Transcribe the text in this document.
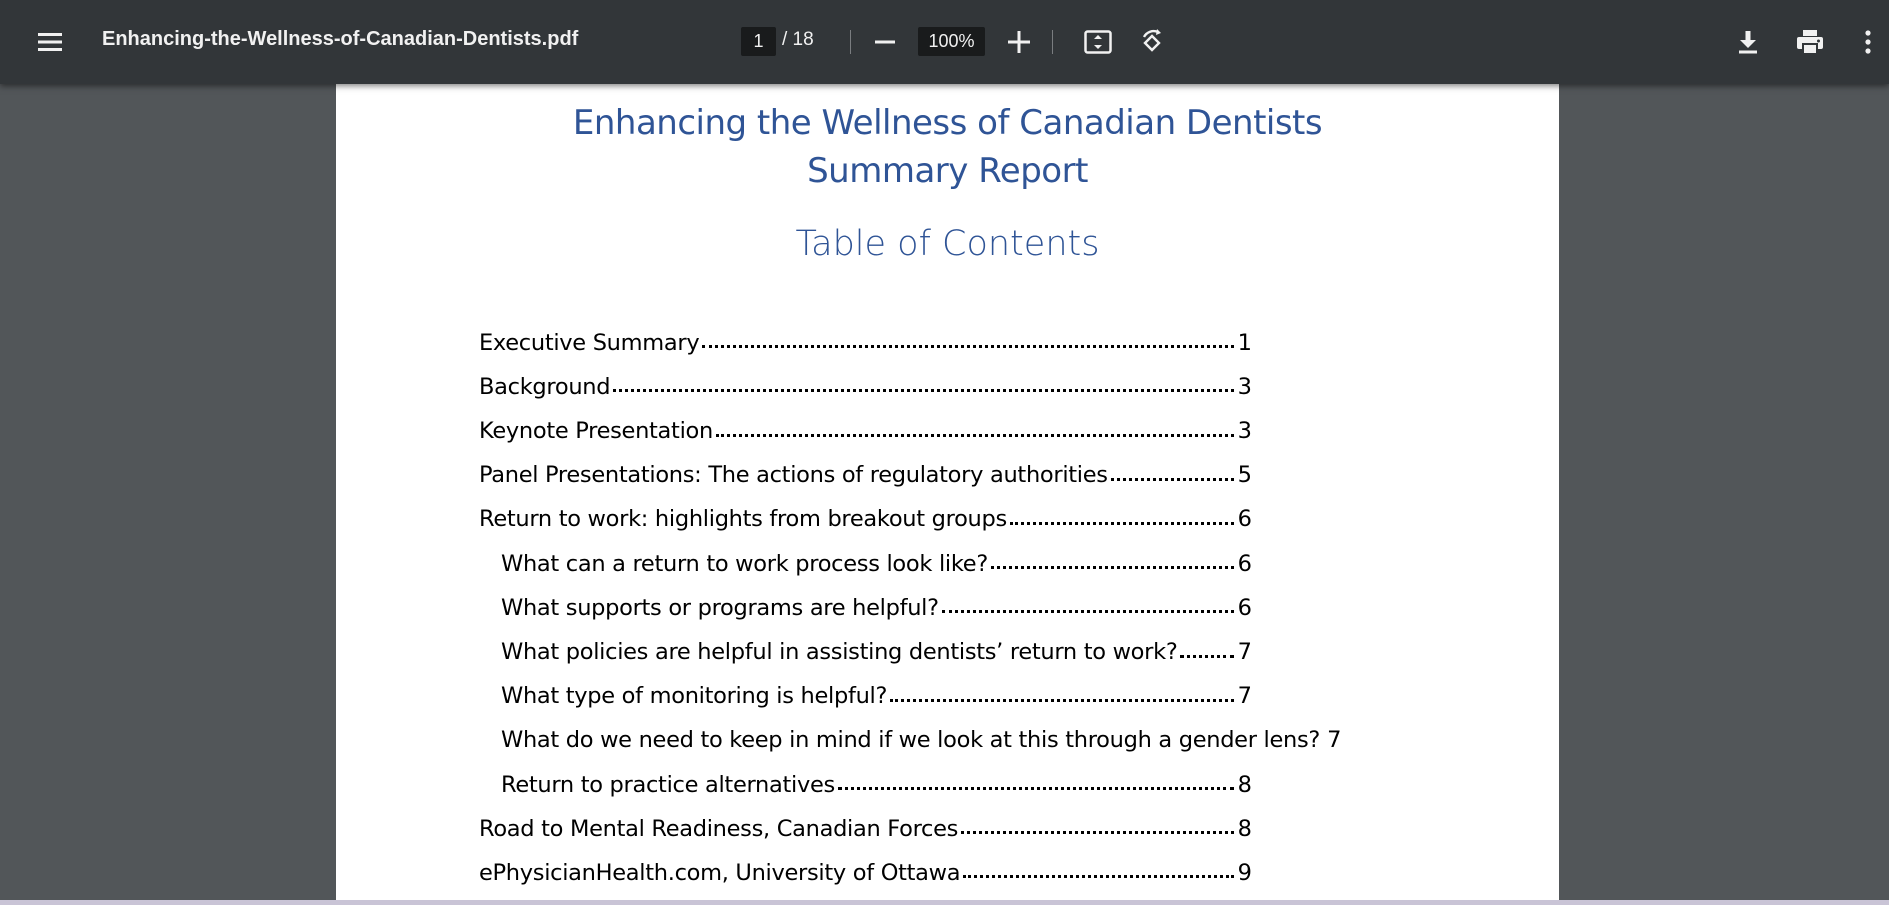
Enhancing-the-Wellness-of-Canadian-Dentists.pdf
1	/ 18	100%
Enhancing the Wellness of Canadian Dentists
Summary Report
Table of Contents
Executive Summary	1
Background	3
Keynote Presentation	3
Panel Presentations: The actions of regulatory authorities	5
Return to work: highlights from breakout groups	6
What can a return to work process look like?	6
What supports or programs are helpful?	6
What policies are helpful in assisting dentists’ return to work?	7
What type of monitoring is helpful?	7
What do we need to keep in mind if we look at this through a gender lens? 7
Return to practice alternatives	8
Road to Mental Readiness, Canadian Forces	8
ePhysicianHealth.com, University of Ottawa	9
